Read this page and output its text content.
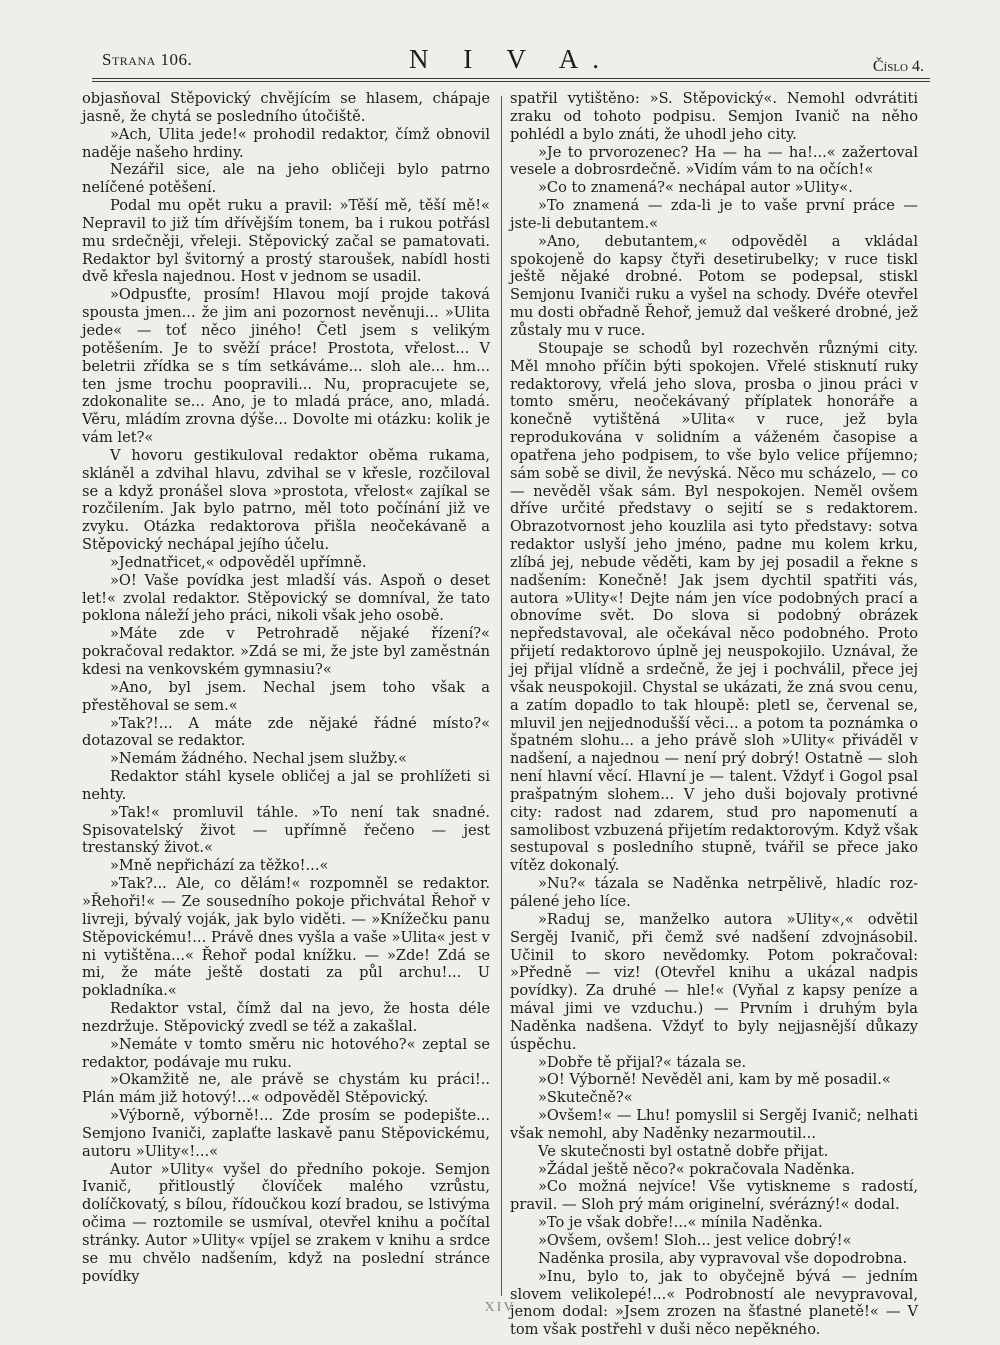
Strana 106.	N I V A.	Číslo 4.

objasňoval Stěpovický chvějícím se hlasem, chápaje jasně, že chytá se posledního útočiště.

»Ach, Ulita jede!« prohodil redaktor, čímž obnovil naděje našeho hrdiny.

Nezářil sice, ale na jeho obličeji bylo patrno nelíčené potěšení.

Podal mu opět ruku a pravil: »Těší mě, těší mě!« Nepravil to již tím dřívějším tonem, ba i rukou potřásl mu srdečněji, vřeleji. Stěpovický začal se pamatovati. Redaktor byl švitorný a prostý staroušek, nabídl hosti dvě křesla najednou. Host v jednom se usadil.

»Odpusťte, prosím! Hlavou mojí projde taková spousta jmen... že jim ani pozornost nevěnuji... »Ulita jede« — toť něco jiného! Četl jsem s velikým potěšením. Je to svěží práce! Prostota, vřelost... V beletrii zřídka se s tím setkáváme... sloh ale... hm... ten jsme trochu poopravili... Nu, propracujete se, zdokonalite se... Ano, je to mladá práce, ano, mladá. Věru, mládím zrovna dýše... Dovolte mi otázku: kolik je vám let?«

V hovoru gestikuloval redaktor oběma rukama, skláněl a zdvihal hlavu, zdvihal se v křesle, rozčiloval se a když pronášel slova »prostota, vřelost« zajíkal se rozčilením. Jak bylo patrno, měl toto počínání již ve zvyku. Otázka redaktorova přišla neočekávaně a Stěpovický nechápal jejího účelu.

»Jednatřicet,« odpověděl upřímně.

»O! Vaše povídka jest mladší vás. Aspoň o deset let!« zvolal redaktor. Stěpovický se domníval, že tato poklona náleží jeho práci, nikoli však jeho osobě.

»Máte zde v Petrohradě nějaké řízení?« pokračoval redaktor. »Zdá se mi, že jste byl zaměstnán kdesi na venkovském gymnasiu?«

»Ano, byl jsem. Nechal jsem toho však a přestěhoval se sem.«

»Tak?!... A máte zde nějaké řádné místo?« dotazoval se redaktor.

»Nemám žádného. Nechal jsem služby.«

Redaktor stáhl kysele obličej a jal se prohlížeti si nehty.

»Tak!« promluvil táhle. »To není tak snadné. Spisovatelský život — upřímně řečeno — jest trestanský život.«

»Mně nepřichází za těžko!...«

»Tak?... Ale, co dělám!« rozpomněl se redaktor. »Řehoři!« — Ze sousedního pokoje přichvátal Řehoř v livreji, bývalý voják, jak bylo viděti. — »Knížečku panu Stěpovickému!... Právě dnes vyšla a vaše »Ulita« jest v ni vytištěna...« Řehoř podal knížku. — »Zde! Zdá se mi, že máte ještě dostati za půl archu!... U pokladníka.«

Redaktor vstal, čímž dal na jevo, že hosta déle nezdržuje. Stěpovický zvedl se též a zakašlal.

»Nemáte v tomto směru nic hotového?« zeptal se redaktor, podávaje mu ruku.

»Okamžitě ne, ale právě se chystám ku práci!.. Plán mám již hotový!...« odpověděl Stěpovický.

»Výborně, výborně!... Zde prosím se podepište... Semjono Ivaniči, zaplaťte laskavě panu Stěpovickému, autoru »Ulity«!...«

Autor »Ulity« vyšel do předního pokoje. Semjon Ivanič, přitloustlý človíček malého vzrůstu, dolíčkovatý, s bílou, řídoučkou kozí bradou, se lstivýma očima — roztomile se usmíval, otevřel knihu a počítal stránky. Autor »Ulity« vpíjel se zrakem v knihu a srdce se mu chvělo nadšením, když na poslední stránce povídky

spatřil vytištěno: »S. Stěpovický«. Nemohl odvrátiti zraku od tohoto podpisu. Semjon Ivanič na něho pohlédl a bylo znáti, že uhodl jeho city.

»Je to prvorozenec? Ha — ha — ha!...« zažertoval vesele a dobrosrdečně. »Vidím vám to na očích!«

»Co to znamená?« nechápal autor »Ulity«.

»To znamená — zda-li je to vaše první práce — jste-li debutantem.«

»Ano, debutantem,« odpověděl a vkládal spokojeně do kapsy čtyři desetirubelky; v ruce tiskl ještě nějaké drobné. Potom se podepsal, stiskl Semjonu Ivaniči ruku a vyšel na schody. Dvéře otevřel mu dosti obřadně Řehoř, jemuž dal veškeré drobné, jež zůstaly mu v ruce.

Stoupaje se schodů byl rozechvěn různými city. Měl mnoho příčin býti spokojen. Vřelé stisknutí ruky redaktorovy, vřelá jeho slova, prosba o jinou práci v tomto směru, neočekávaný příplatek honoráře a konečně vytištěná »Ulita« v ruce, jež byla reprodukována v solidním a váženém časopise a opatřena jeho podpisem, to vše bylo velice příjemno; sám sobě se divil, že nevýská. Něco mu scházelo, — co — nevěděl však sám. Byl nespokojen. Neměl ovšem dříve určité představy o sejití se s redaktorem. Obrazotvornost jeho kouzlila asi tyto představy: sotva redaktor uslyší jeho jméno, padne mu kolem krku, zlíbá jej, nebude věděti, kam by jej posadil a řekne s nadšením: Konečně! Jak jsem dychtil spatřiti vás, autora »Ulity«! Dejte nám jen více podobných prací a obnovíme svět. Do slova si podobný obrázek nepředstavoval, ale očekával něco podobného. Proto přijetí redaktorovo úplně jej neuspokojilo. Uznával, že jej přijal vlídně a srdečně, že jej i pochválil, přece jej však neuspokojil. Chystal se ukázati, že zná svou cenu, a zatím dopadlo to tak hloupě: pletl se, červenal se, mluvil jen nejjednodušší věci... a potom ta poznámka o špatném slohu... a jeho právě sloh »Ulity« přiváděl v nadšení, a najednou — není prý dobrý! Ostatně — sloh není hlavní věcí. Hlavní je — talent. Vždyť i Gogol psal prašpatným slohem... V jeho duši bojovaly protivné city: radost nad zdarem, stud pro napomenutí a samolibost vzbuzená přijetím redaktorovým. Když však sestupoval s posledního stupně, tvářil se přece jako vítěz dokonalý.

»Nu?« tázala se Naděnka netrpělivě, hladíc rozpálené jeho líce.

»Raduj se, manželko autora »Ulity«,« odvětil Sergěj Ivanič, při čemž své nadšení zdvojnásobil. Učinil to skoro nevědomky. Potom pokračoval: »Předně — viz! (Otevřel knihu a ukázal nadpis povídky). Za druhé — hle!« (Vyňal z kapsy peníze a mával jimi ve vzduchu.) — Prvním i druhým byla Naděnka nadšena. Vždyť to byly nejjasnější důkazy úspěchu.

»Dobře tě přijal?« tázala se.

»O! Výborně! Nevěděl ani, kam by mě posadil.«

»Skutečně?«

»Ovšem!« — Lhu! pomyslil si Sergěj Ivanič; nelhati však nemohl, aby Naděnky nezarmoutil...

Ve skutečnosti byl ostatně dobře přijat.

»Žádal ještě něco?« pokračovala Naděnka.

»Co možná nejvíce! Vše vytiskneme s radostí, pravil. — Sloh prý mám originelní, svérázný!« dodal.

»To je však dobře!...« mínila Naděnka.

»Ovšem, ovšem! Sloh... jest velice dobrý!«

Naděnka prosila, aby vypravoval vše dopodrobna.

»Inu, bylo to, jak to obyčejně bývá — jedním slovem velikolepé!...« Podrobností ale nevypravoval, jenom dodal: »Jsem zrozen na šťastné planetě!« — V tom však postřehl v duši něco nepěkného.

XIV
